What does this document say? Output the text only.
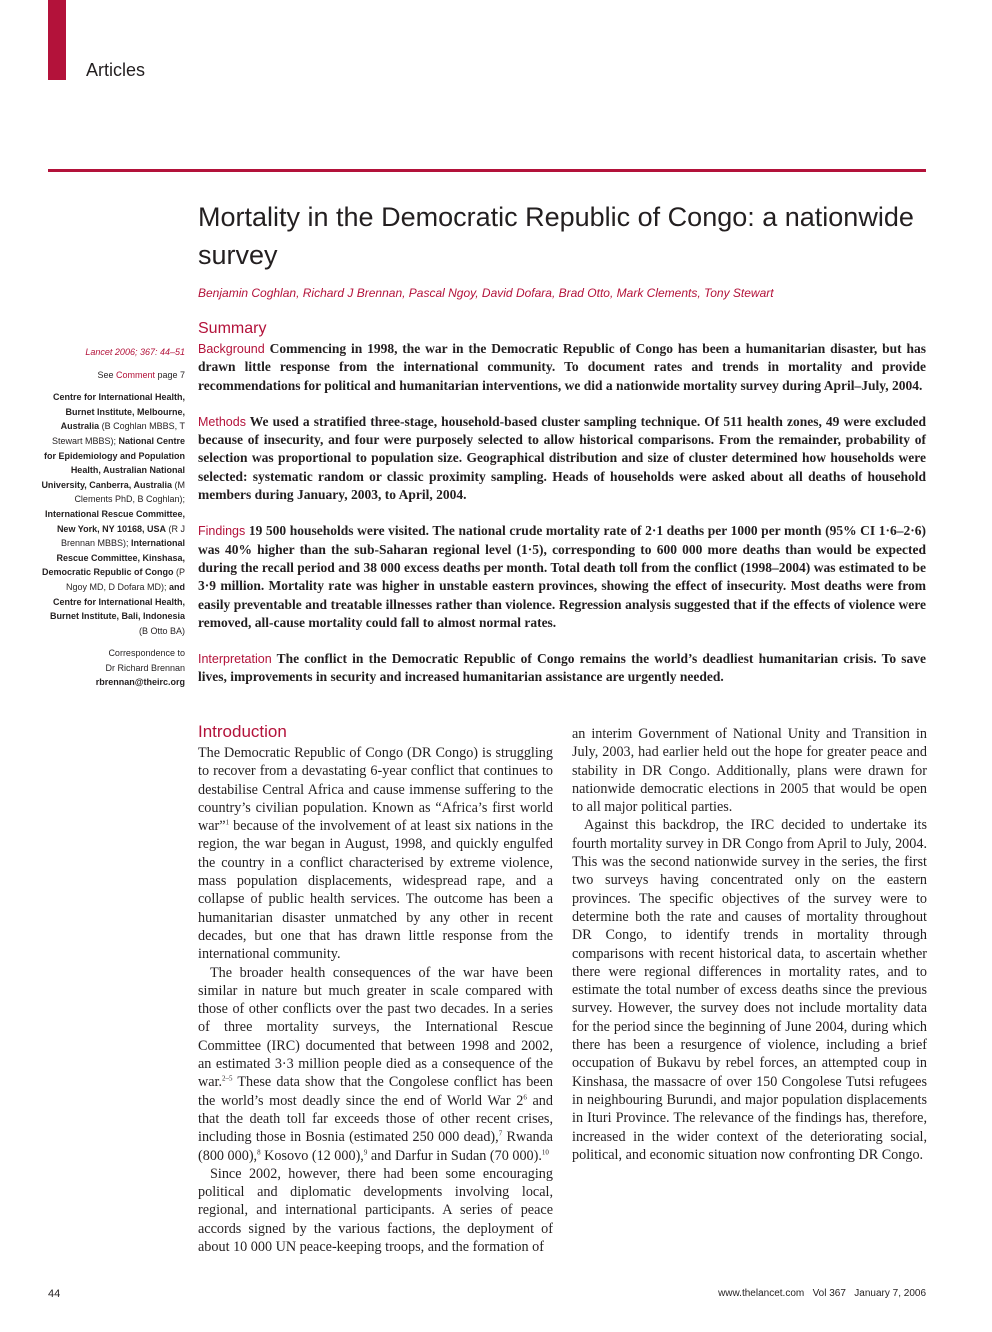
Articles
Mortality in the Democratic Republic of Congo: a nationwide survey
Benjamin Coghlan, Richard J Brennan, Pascal Ngoy, David Dofara, Brad Otto, Mark Clements, Tony Stewart
Summary

Background Commencing in 1998, the war in the Democratic Republic of Congo has been a humanitarian disaster, but has drawn little response from the international community. To document rates and trends in mortality and provide recommendations for political and humanitarian interventions, we did a nationwide mortality survey during April–July, 2004.

Methods We used a stratified three-stage, household-based cluster sampling technique. Of 511 health zones, 49 were excluded because of insecurity, and four were purposely selected to allow historical comparisons. From the remainder, probability of selection was proportional to population size. Geographical distribution and size of cluster determined how households were selected: systematic random or classic proximity sampling. Heads of households were asked about all deaths of household members during January, 2003, to April, 2004.

Findings 19 500 households were visited. The national crude mortality rate of 2·1 deaths per 1000 per month (95% CI 1·6–2·6) was 40% higher than the sub-Saharan regional level (1·5), corresponding to 600 000 more deaths than would be expected during the recall period and 38 000 excess deaths per month. Total death toll from the conflict (1998–2004) was estimated to be 3·9 million. Mortality rate was higher in unstable eastern provinces, showing the effect of insecurity. Most deaths were from easily preventable and treatable illnesses rather than violence. Regression analysis suggested that if the effects of violence were removed, all-cause mortality could fall to almost normal rates.

Interpretation The conflict in the Democratic Republic of Congo remains the world’s deadliest humanitarian crisis. To save lives, improvements in security and increased humanitarian assistance are urgently needed.

Lancet 2006; 367: 44–51

See Comment page 7

Centre for International Health, Burnet Institute, Melbourne, Australia (B Coghlan MBBS, T Stewart MBBS); National Centre for Epidemiology and Population Health, Australian National University, Canberra, Australia (M Clements PhD, B Coghlan); International Rescue Committee, New York, NY 10168, USA (R J Brennan MBBS); International Rescue Committee, Kinshasa, Democratic Republic of Congo (P Ngoy MD, D Dofara MD); and Centre for International Health, Burnet Institute, Bali, Indonesia (B Otto BA)

Correspondence to
Dr Richard Brennan
rbrennan@theirc.org

Introduction

The Democratic Republic of Congo (DR Congo) is struggling to recover from a devastating 6-year conflict that continues to destabilise Central Africa and cause immense suffering to the country’s civilian population. Known as “Africa’s first world war”$^1$ because of the involvement of at least six nations in the region, the war began in August, 1998, and quickly engulfed the country in a conflict characterised by extreme violence, mass population displacements, widespread rape, and a collapse of public health services. The outcome has been a humanitarian disaster unmatched by any other in recent decades, but one that has drawn little response from the international community.

The broader health consequences of the war have been similar in nature but much greater in scale compared with those of other conflicts over the past two decades. In a series of three mortality surveys, the International Rescue Committee (IRC) documented that between 1998 and 2002, an estimated 3·3 million people died as a consequence of the war.$^{2-5}$ These data show that the Congolese conflict has been the world’s most deadly since the end of World War $2^6$ and that the death toll far exceeds those of other recent crises, including those in Bosnia (estimated 250 000 dead),$^7$ Rwanda (800 000),$^8$ Kosovo (12 000),$^9$ and Darfur in Sudan (70 000).$^{10}$

Since 2002, however, there had been some encouraging political and diplomatic developments involving local, regional, and international participants. A series of peace accords signed by the various factions, the deployment of about 10 000 UN peace-keeping troops, and the formation of

an interim Government of National Unity and Transition in July, 2003, had earlier held out the hope for greater peace and stability in DR Congo. Additionally, plans were drawn for nationwide democratic elections in 2005 that would be open to all major political parties.

Against this backdrop, the IRC decided to undertake its fourth mortality survey in DR Congo from April to July, 2004. This was the second nationwide survey in the series, the first two surveys having concentrated only on the eastern provinces. The specific objectives of the survey were to determine both the rate and causes of mortality throughout DR Congo, to identify trends in mortality through comparisons with recent historical data, to ascertain whether there were regional differences in mortality rates, and to estimate the total number of excess deaths since the previous survey. However, the survey does not include mortality data for the period since the beginning of June 2004, during which there has been a resurgence of violence, including a brief occupation of Bukavu by rebel forces, an attempted coup in Kinshasa, the massacre of over 150 Congolese Tutsi refugees in neighbouring Burundi, and major population displacements in Ituri Province. The relevance of the findings has, therefore, increased in the wider context of the deteriorating social, political, and economic situation now confronting DR Congo.

44	www.thelancet.com Vol 367 January 7, 2006
